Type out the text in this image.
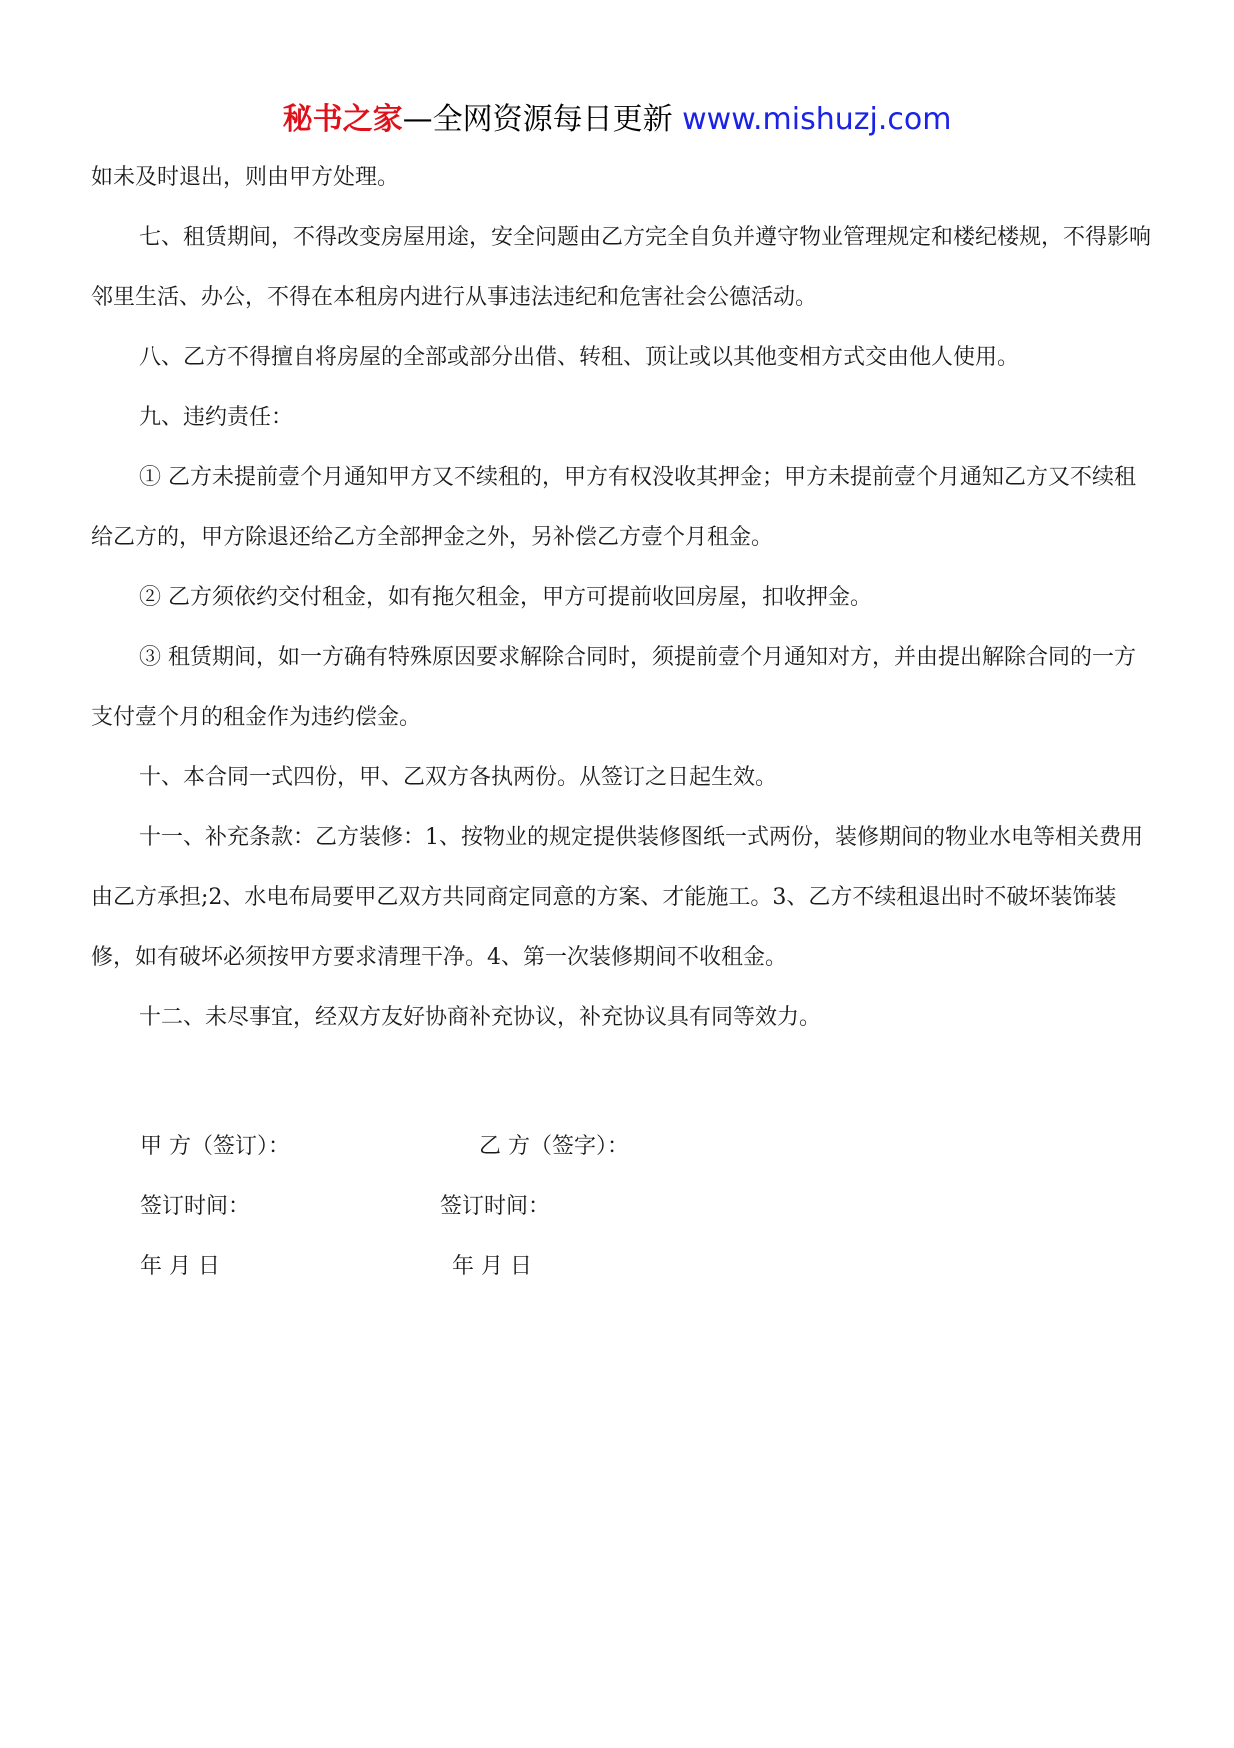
秘书之家—全网资源每日更新 www.mishuzj.com

如未及时退出，则由甲方处理。

七、租赁期间，不得改变房屋用途，安全问题由乙方完全自负并遵守物业管理规定和楼纪楼规，不得影响邻里生活、办公，不得在本租房内进行从事违法违纪和危害社会公德活动。

八、乙方不得擅自将房屋的全部或部分出借、转租、顶让或以其他变相方式交由他人使用。

九、违约责任：

① 乙方未提前壹个月通知甲方又不续租的，甲方有权没收其押金；甲方未提前壹个月通知乙方又不续租给乙方的，甲方除退还给乙方全部押金之外，另补偿乙方壹个月租金。

② 乙方须依约交付租金，如有拖欠租金，甲方可提前收回房屋，扣收押金。

③ 租赁期间，如一方确有特殊原因要求解除合同时，须提前壹个月通知对方，并由提出解除合同的一方支付壹个月的租金作为违约偿金。

十、本合同一式四份，甲、乙双方各执两份。从签订之日起生效。

十一、补充条款：乙方装修：1、按物业的规定提供装修图纸一式两份，装修期间的物业水电等相关费用由乙方承担;2、水电布局要甲乙双方共同商定同意的方案、才能施工。3、乙方不续租退出时不破坏装饰装修，如有破坏必须按甲方要求清理干净。4、第一次装修期间不收租金。

十二、未尽事宜，经双方友好协商补充协议，补充协议具有同等效力。

甲 方（签订）：	乙 方（签字）：
签订时间：	签订时间：
年 月 日	年 月 日
